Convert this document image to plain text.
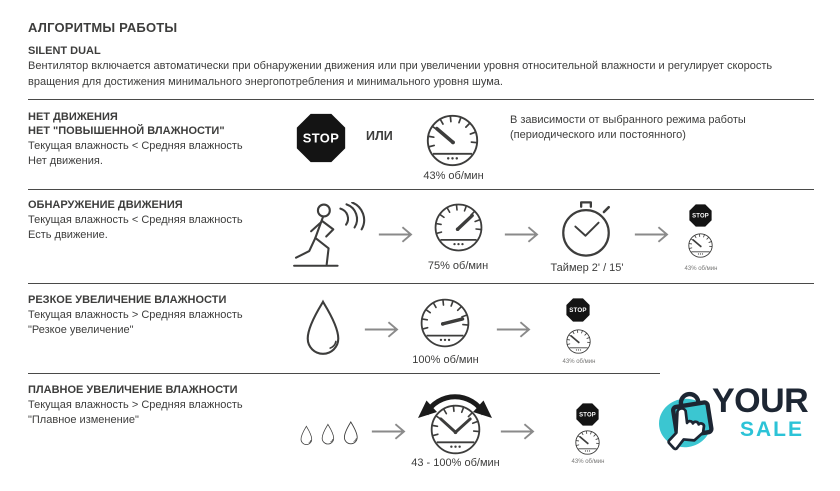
АЛГОРИТМЫ РАБОТЫ
SILENT DUAL
Вентилятор включается автоматически при обнаружении движения или при увеличении уровня относительной влажности и регулирует скорость вращения для достижения минимального энергопотребления и минимального уровня шума.
НЕТ ДВИЖЕНИЯ
НЕТ "ПОВЫШЕННОЙ ВЛАЖНОСТИ"
Текущая влажность < Средняя влажность
Нет движения.
STOP ИЛИ
43% об/мин
В зависимости от выбранного режима работы
(периодического или постоянного)
ОБНАРУЖЕНИЕ ДВИЖЕНИЯ
Текущая влажность < Средняя влажность
Есть движение.
75% об/мин	Таймер 2' / 15'
STOP
43% об/мин
РЕЗКОЕ УВЕЛИЧЕНИЕ ВЛАЖНОСТИ
Текущая влажность > Средняя влажность
"Резкое увеличение"
100% об/мин
STOP
43% об/мин
ПЛАВНОЕ УВЕЛИЧЕНИЕ ВЛАЖНОСТИ
Текущая влажность > Средняя влажность
"Плавное изменение"
43 - 100% об/мин
STOP
43% об/мин
YOUR
SALE
